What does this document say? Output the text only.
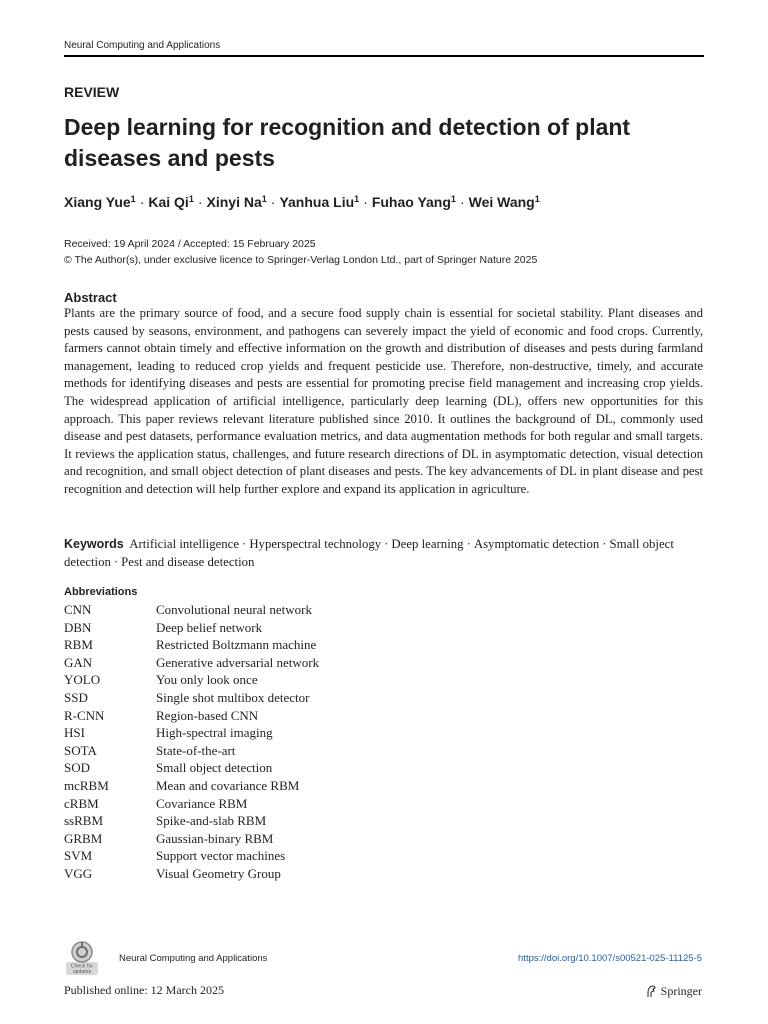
Neural Computing and Applications
REVIEW
Deep learning for recognition and detection of plant diseases and pests
Xiang Yue$^1$ · Kai $Qi^1$ · Xinyi $Na^1$ · Yanhua Liu$^1$ · Fuhao Yang$^1$ · Wei Wang$^1$
Received: 19 April 2024 / Accepted: 15 February 2025
© The Author(s), under exclusive licence to Springer-Verlag London Ltd., part of Springer Nature 2025
Abstract

Plants are the primary source of food, and a secure food supply chain is essential for societal stability. Plant diseases and pests caused by seasons, environment, and pathogens can severely impact the yield of economic and food crops. Currently, farmers cannot obtain timely and effective information on the growth and distribution of diseases and pests during farmland management, leading to reduced crop yields and frequent pesticide use. Therefore, non-destructive, timely, and accurate methods for identifying diseases and pests are essential for promoting precise field management and increasing crop yields. The widespread application of artificial intelligence, particularly deep learning (DL), offers new opportunities for this approach. This paper reviews relevant literature published since 2010. It outlines the background of DL, commonly used disease and pest datasets, performance evaluation metrics, and data augmentation methods for both regular and small targets. It reviews the application status, challenges, and future research directions of DL in asymptomatic detection, visual detection and recognition, and small object detection of plant diseases and pests. The key advancements of DL in plant disease and pest recognition and detection will help further explore and expand its application in agriculture.

Keywords Artificial intelligence · Hyperspectral technology · Deep learning · Asymptomatic detection · Small object detection · Pest and disease detection
Abbreviations
CNN	Convolutional neural network
DBN	Deep belief network
RBM	Restricted Boltzmann machine
GAN	Generative adversarial network
YOLO	You only look once
SSD	Single shot multibox detector
R-CNN	Region-based CNN
HSI	High-spectral imaging
SOTA	State-of-the-art
SOD	Small object detection
mcRBM	Mean and covariance RBM
cRBM	Covariance RBM
ssRBM	Spike-and-slab RBM
GRBM	Gaussian-binary RBM
SVM	Support vector machines
VGG	Visual Geometry Group
Check for
updates
Neural Computing and Applications	https://doi.org/10.1007/s00521-025-11125-5
Published online: 12 March 2025	Springer
